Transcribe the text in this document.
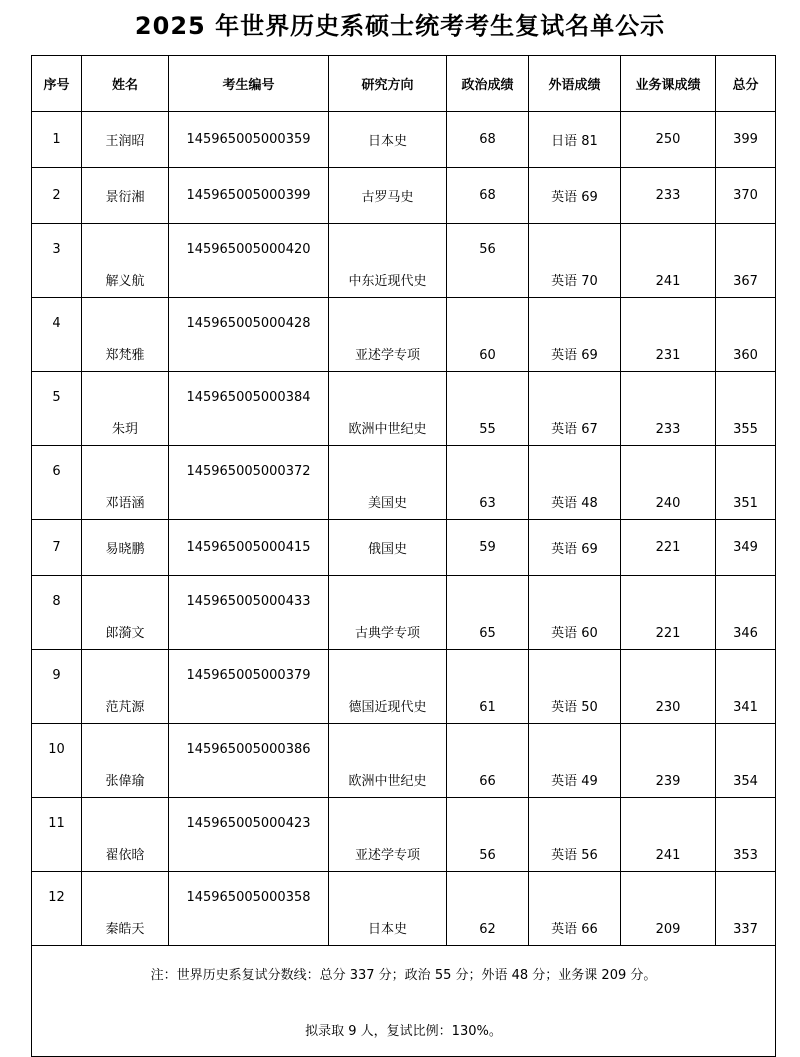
2025 年世界历史系硕士统考考生复试名单公示
序号	姓名	考生编号	研究方向	政治成绩	外语成绩	业务课成绩	总分
1	王润昭	145965005000359	日本史	68	日语 81	250	399
2	景衍湘	145965005000399	古罗马史	68	英语 69	233	370
3	解义航	145965005000420	中东近现代史	56	英语 70	241	367
4	郑梵雅	145965005000428	亚述学专项	60	英语 69	231	360
5	朱玥	145965005000384	欧洲中世纪史	55	英语 67	233	355
6	邓语涵	145965005000372	美国史	63	英语 48	240	351
7	易晓鹏	145965005000415	俄国史	59	英语 69	221	349
8	郎漪文	145965005000433	古典学专项	65	英语 60	221	346
9	范芃源	145965005000379	德国近现代史	61	英语 50	230	341
10	张偉瑜	145965005000386	欧洲中世纪史	66	英语 49	239	354
11	翟依晗	145965005000423	亚述学专项	56	英语 56	241	353
12	秦皓天	145965005000358	日本史	62	英语 66	209	337

注：世界历史系复试分数线：总分 337 分；政治 55 分；外语 48 分；业务课 209 分。
拟录取 9 人，复试比例：130%。							
